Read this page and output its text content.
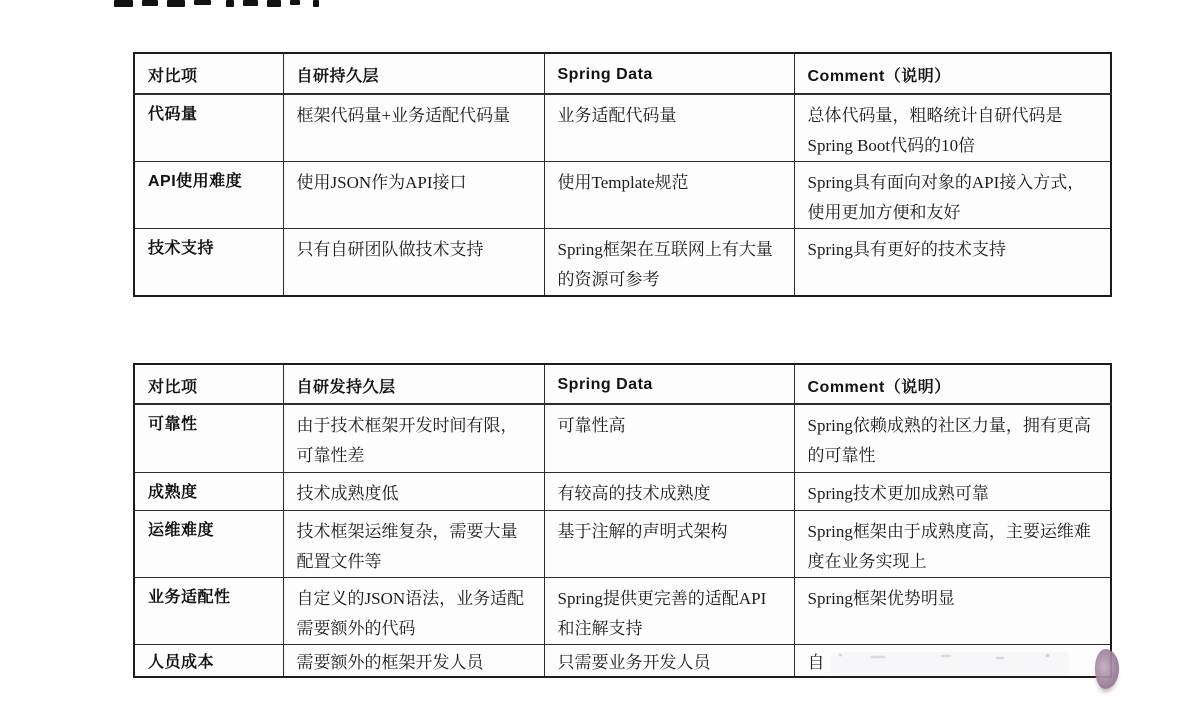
对比项	自研持久层	Spring Data	Comment（说明）
代码量	框架代码量+业务适配代码量	业务适配代码量	总体代码量，粗略统计自研代码是Spring Boot代码的10倍
API使用难度	使用JSON作为API接口	使用Template规范	Spring具有面向对象的API接入方式，使用更加方便和友好
技术支持	只有自研团队做技术支持	Spring框架在互联网上有大量的资源可参考	Spring具有更好的技术支持
对比项	自研发持久层	Spring Data	Comment（说明）
可靠性	由于技术框架开发时间有限，可靠性差	可靠性高	Spring依赖成熟的社区力量，拥有更高的可靠性
成熟度	技术成熟度低	有较高的技术成熟度	Spring技术更加成熟可靠
运维难度	技术框架运维复杂，需要大量配置文件等	基于注解的声明式架构	Spring框架由于成熟度高，主要运维难度在业务实现上
业务适配性	自定义的JSON语法，业务适配需要额外的代码	Spring提供更完善的适配API和注解支持	Spring框架优势明显
人员成本	需要额外的框架开发人员	只需要业务开发人员	自
